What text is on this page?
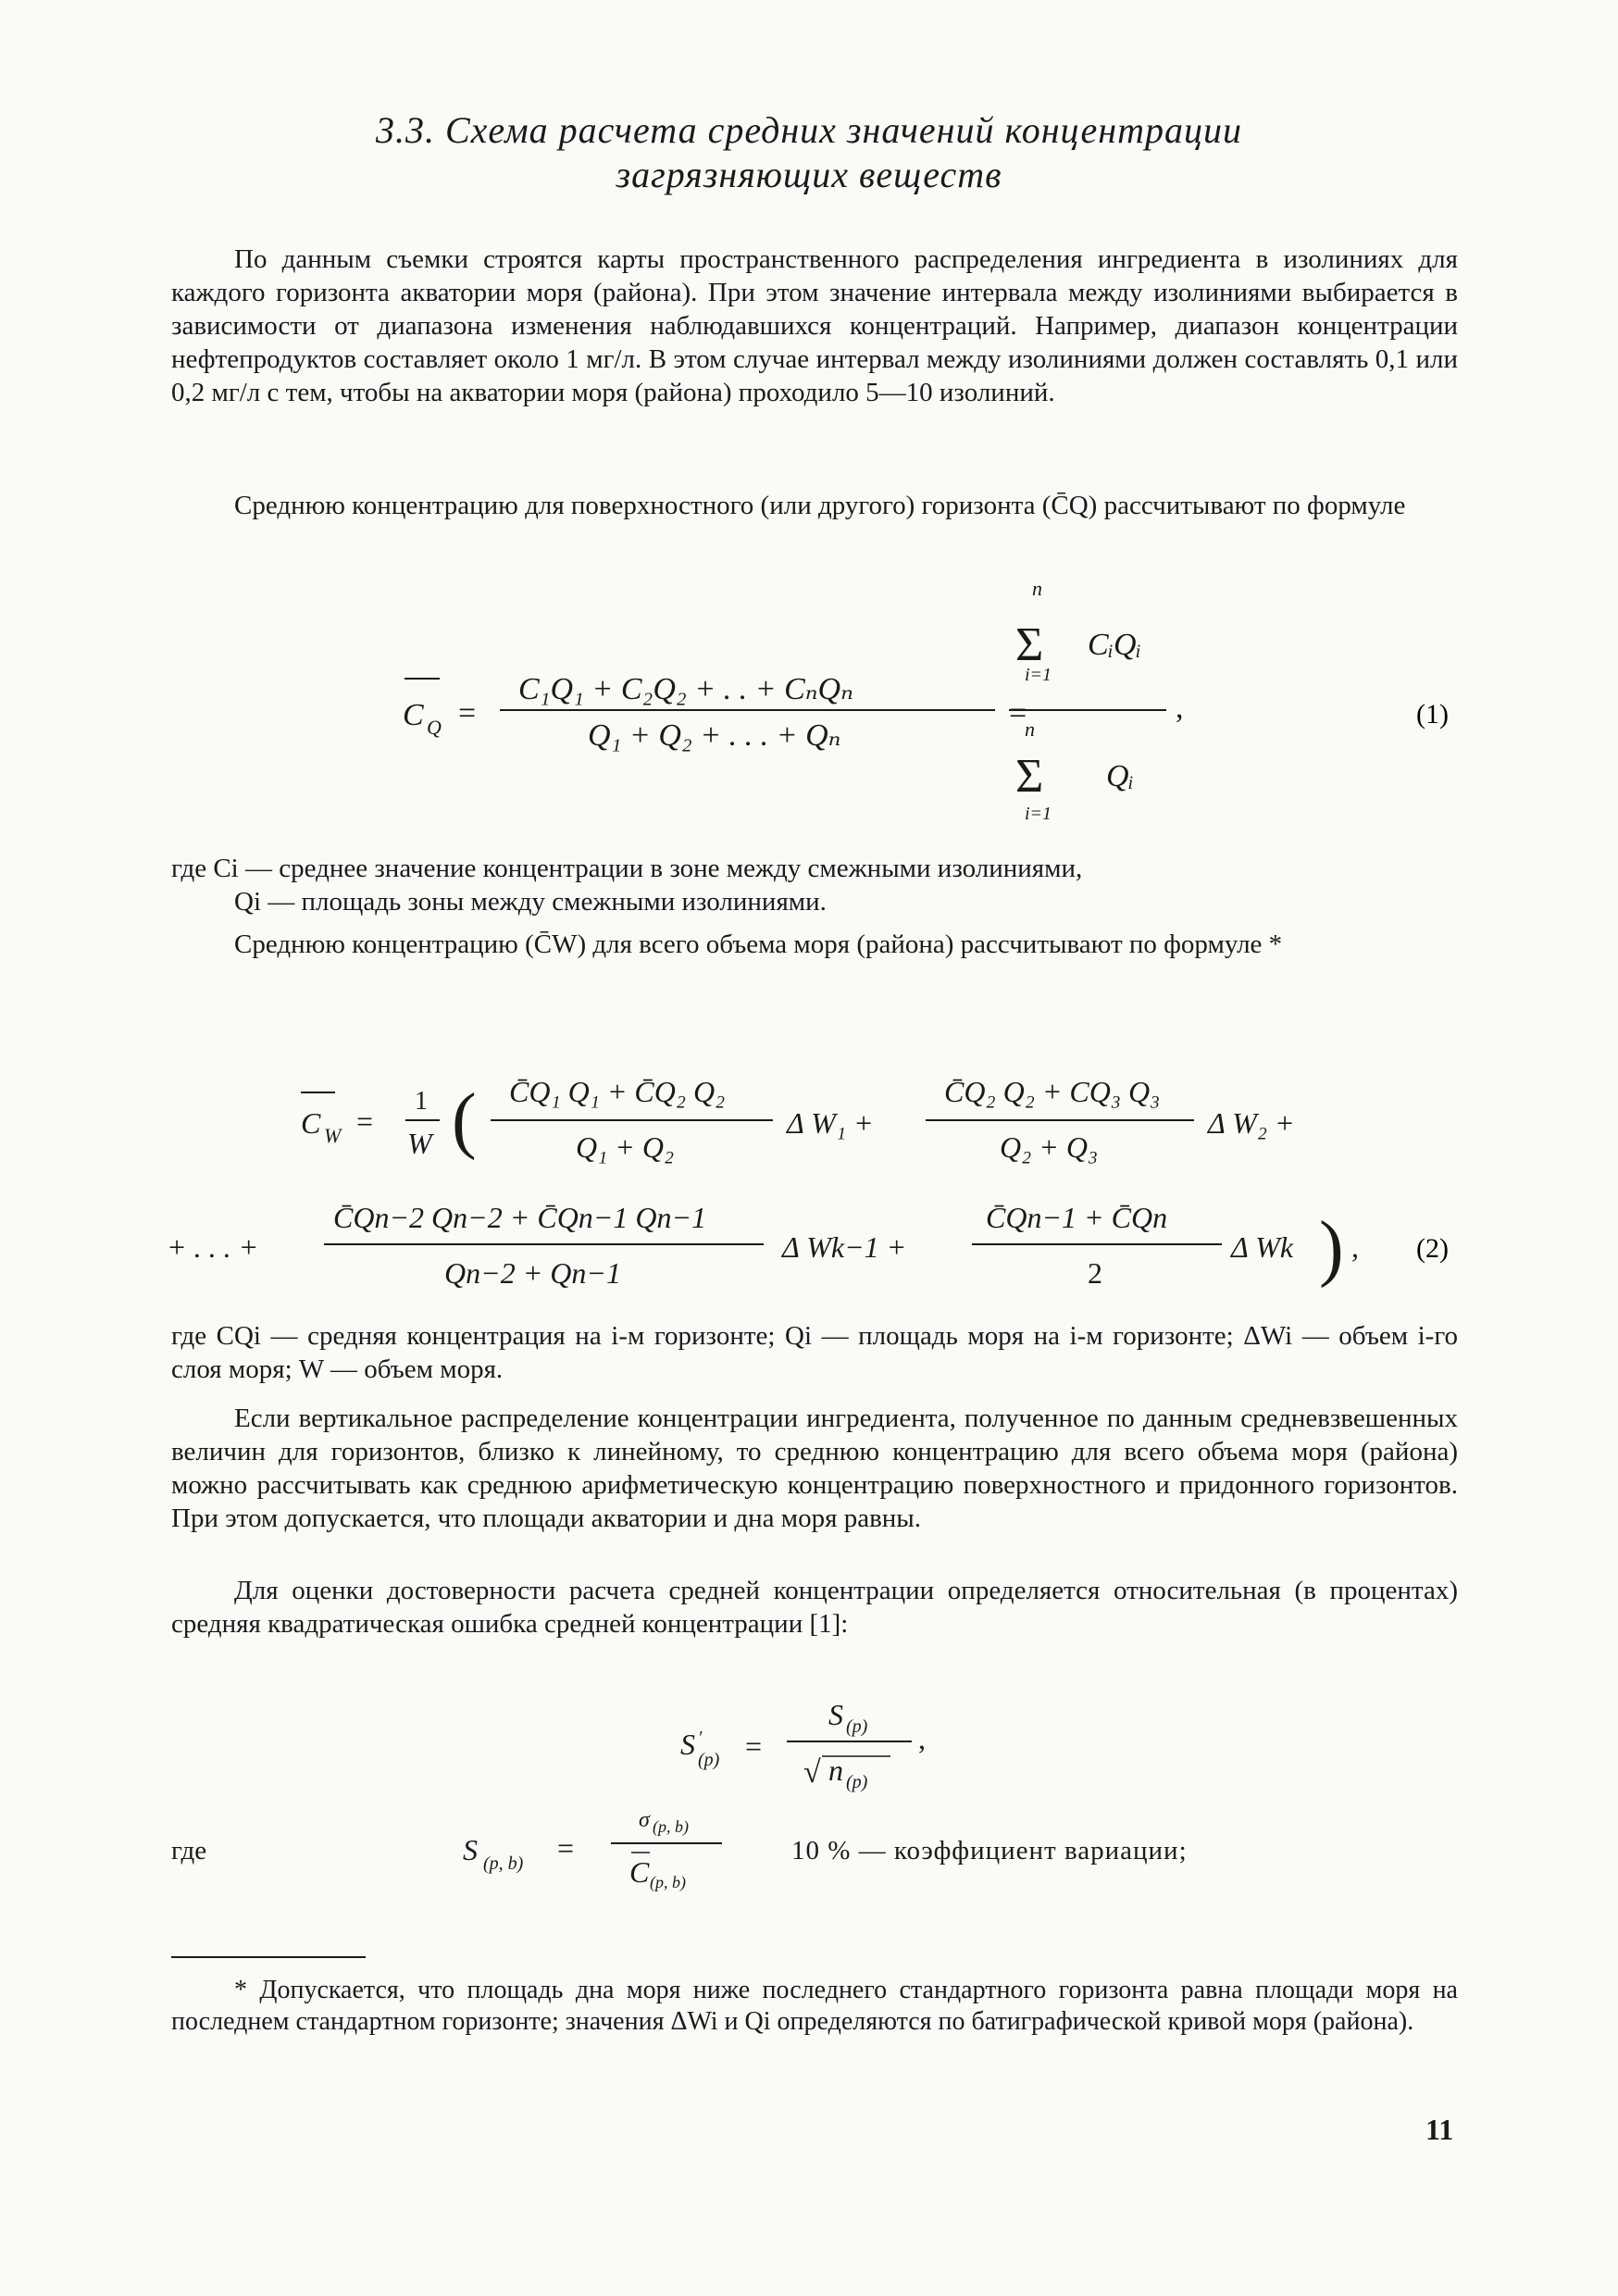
3.3. Схема расчета средних значений концентрации
загрязняющих веществ
По данным съемки строятся карты пространственного распределения ингредиента в изолиниях для каждого горизонта акватории моря (района). При этом значение интервала между изолиниями выбирается в зависимости от диапазона изменения наблюдавшихся концентраций. Например, диапазон концентрации нефтепродуктов составляет около 1 мг/л. В этом случае интервал между изолиниями должен составлять 0,1 или 0,2 мг/л с тем, чтобы на акватории моря (района) проходило 5—10 изолиний.
Среднюю концентрацию для поверхностного (или другого) горизонта (C̄Q) рассчитывают по формуле
C Q =
C₁Q₁ + C₂Q₂ + . . + CₙQₙ
Q₁ + Q₂ + . . . + Qₙ
=
n
Σ CᵢQᵢ
i=1
n
Σ Qᵢ
i=1
,	(1)
где Ci — среднее значение концентрации в зоне между смежными изолиниями,
Qi — площадь зоны между смежными изолиниями.
Среднюю концентрацию (C̄W) для всего объема моря (района) рассчитывают по формуле *
C W =
1
W ( C̄Q₁ Q₁ + C̄Q₂ Q₂
Q₁ + Q₂
Δ W₁ +
C̄Q₂ Q₂ + CQ₃ Q₃
Q₂ + Q₃
Δ W₂ +
+ . . . +
C̄Qn−2 Qn−2 + C̄Qn−1 Qn−1
Qn−2 + Qn−1
Δ Wk−1 +
C̄Qn−1 + C̄Qn
2
Δ Wk ) , (2)
где CQi — средняя концентрация на i-м горизонте; Qi — площадь моря на i-м горизонте; ΔWi — объем i-го слоя моря; W — объем моря.
Если вертикальное распределение концентрации ингредиента, полученное по данным средневзвешенных величин для горизонтов, близко к линейному, то среднюю концентрацию для всего объема моря (района) можно рассчитывать как среднюю арифметическую концентрацию поверхностного и придонного горизонтов. При этом допускается, что площади акватории и дна моря равны.
Для оценки достоверности расчета средней концентрации определяется относительная (в процентах) средняя квадратическая ошибка средней концентрации [1]:
S ′
(p) =
S (p)
√ n (p)
,
где	S (p, b) =
σ (p, b)
C (p, b)
10 % — коэффициент вариации;
* Допускается, что площадь дна моря ниже последнего стандартного горизонта равна площади моря на последнем стандартном горизонте; значения ΔWi и Qi определяются по батиграфической кривой моря (района).
11
